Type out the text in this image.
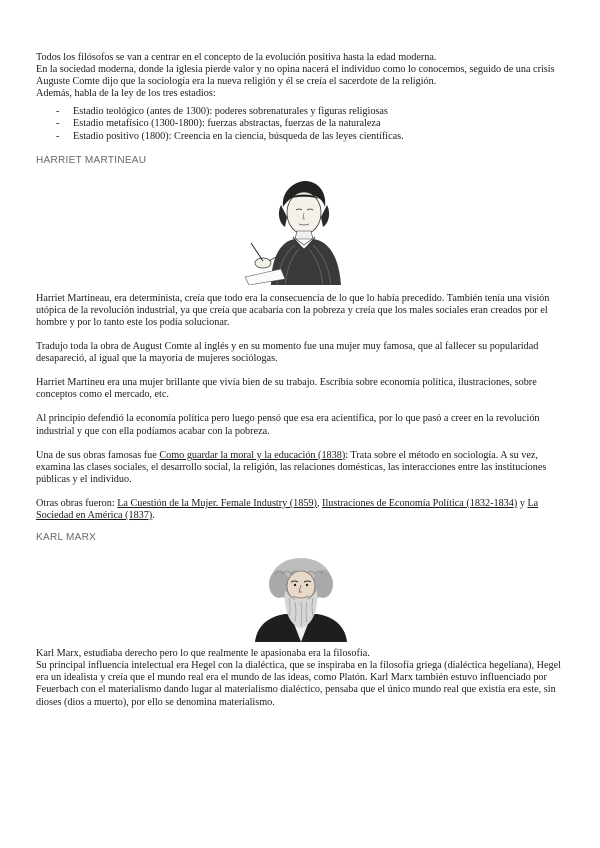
Todos los filósofos se van a centrar en el concepto de la evolución positiva hasta la edad moderna.

En la sociedad moderna, donde la iglesia pierde valor y no opina nacerá el individuo como lo conocemos, seguido de una crisis

Auguste Comte dijo que la sociología era la nueva religión y él se creía el sacerdote de la religión.

Además, habla de la ley de los tres estadios:

- Estadio teológico (antes de 1300): poderes sobrenaturales y figuras religiosas
- Estadio metafísico (1300-1800): fuerzas abstractas, fuerzas de la naturaleza
- Estadio positivo (1800): Creencia en la ciencia, búsqueda de las leyes científicas.
HARRIET MARTINEAU

Harriet Martineau, era determinista, creía que todo era la consecuencia de lo que lo había precedido. También tenía una visión utópica de la revolución industrial, ya que creía que acabaría con la pobreza y creía que los males sociales eran creados por el hombre y por lo tanto este los podía solucionar.

Tradujo toda la obra de August Comte al inglés y en su momento fue una mujer muy famosa, que al fallecer su popularidad desapareció, al igual que la mayoría de mujeres sociólogas.

Harriet Martineu era una mujer brillante que vivía bien de su trabajo. Escribía sobre economía política, ilustraciones, sobre conceptos como el mercado, etc.

Al principio defendió la economía política pero luego pensó que esa era acientífica, por lo que pasó a creer en la revolución industrial y que con ella podíamos acabar con la pobreza.

Una de sus obras famosas fue Como guardar la moral y la educación (1838): Trata sobre el método en sociología. A su vez, examina las clases sociales, el desarrollo social, la religión, las relaciones domésticas, las interacciones entre las instituciones públicas y el individuo.

Otras obras fueron: La Cuestión de la Mujer. Female Industry (1859), Ilustraciones de Economía Política (1832-1834) y La Sociedad en América (1837).

KARL MARX

Karl Marx, estudiaba derecho pero lo que realmente le apasionaba era la filosofía.

Su principal influencia intelectual era Hegel con la dialéctica, que se inspiraba en la filosofía griega (dialéctica hegeliana), Hegel era un idealista y creía que el mundo real era el mundo de las ideas, como Platón. Karl Marx también estuvo influenciado por Feuerbach con el materialismo dando lugar al materialismo dialéctico, pensaba que el único mundo real que existía era este, sin dioses (dios a muerto), por ello se denomina materialismo.
